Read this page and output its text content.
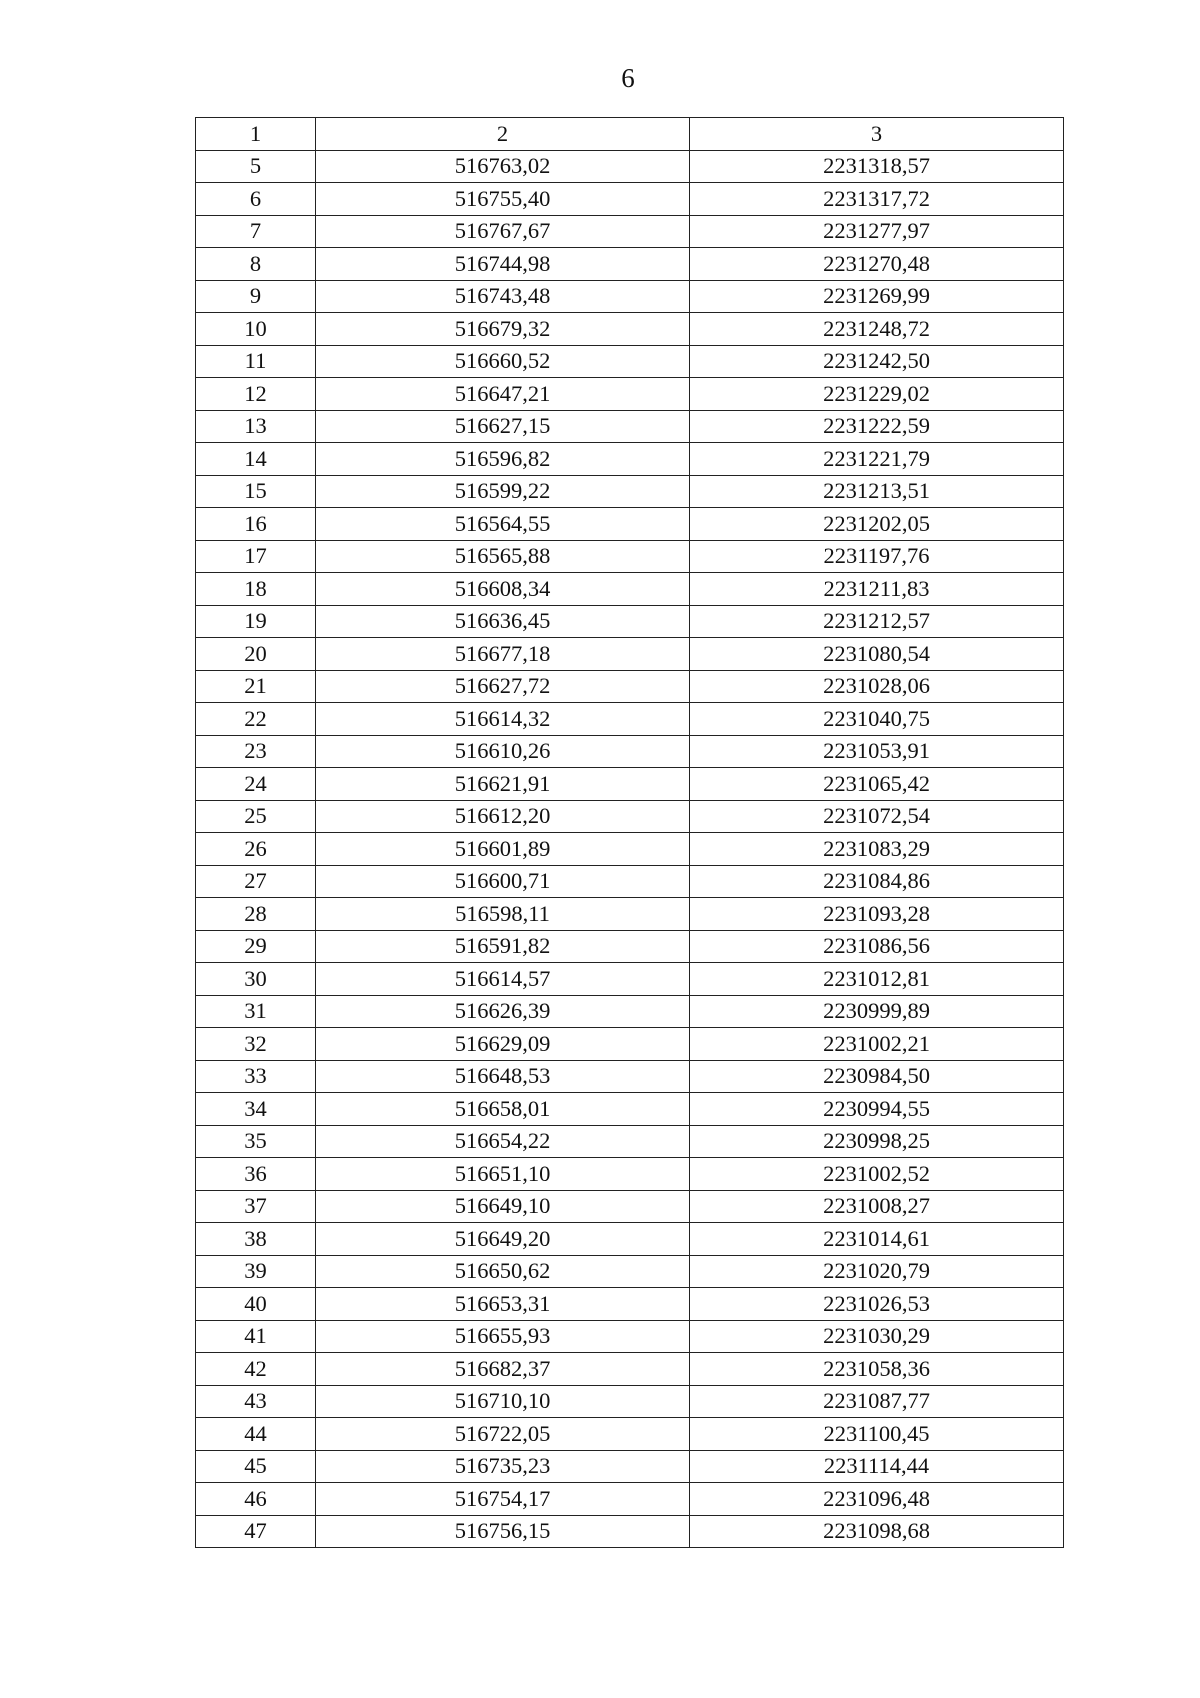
6
1	2	3
5	516763,02	2231318,57
6	516755,40	2231317,72
7	516767,67	2231277,97
8	516744,98	2231270,48
9	516743,48	2231269,99
10	516679,32	2231248,72
11	516660,52	2231242,50
12	516647,21	2231229,02
13	516627,15	2231222,59
14	516596,82	2231221,79
15	516599,22	2231213,51
16	516564,55	2231202,05
17	516565,88	2231197,76
18	516608,34	2231211,83
19	516636,45	2231212,57
20	516677,18	2231080,54
21	516627,72	2231028,06
22	516614,32	2231040,75
23	516610,26	2231053,91
24	516621,91	2231065,42
25	516612,20	2231072,54
26	516601,89	2231083,29
27	516600,71	2231084,86
28	516598,11	2231093,28
29	516591,82	2231086,56
30	516614,57	2231012,81
31	516626,39	2230999,89
32	516629,09	2231002,21
33	516648,53	2230984,50
34	516658,01	2230994,55
35	516654,22	2230998,25
36	516651,10	2231002,52
37	516649,10	2231008,27
38	516649,20	2231014,61
39	516650,62	2231020,79
40	516653,31	2231026,53
41	516655,93	2231030,29
42	516682,37	2231058,36
43	516710,10	2231087,77
44	516722,05	2231100,45
45	516735,23	2231114,44
46	516754,17	2231096,48
47	516756,15	2231098,68
